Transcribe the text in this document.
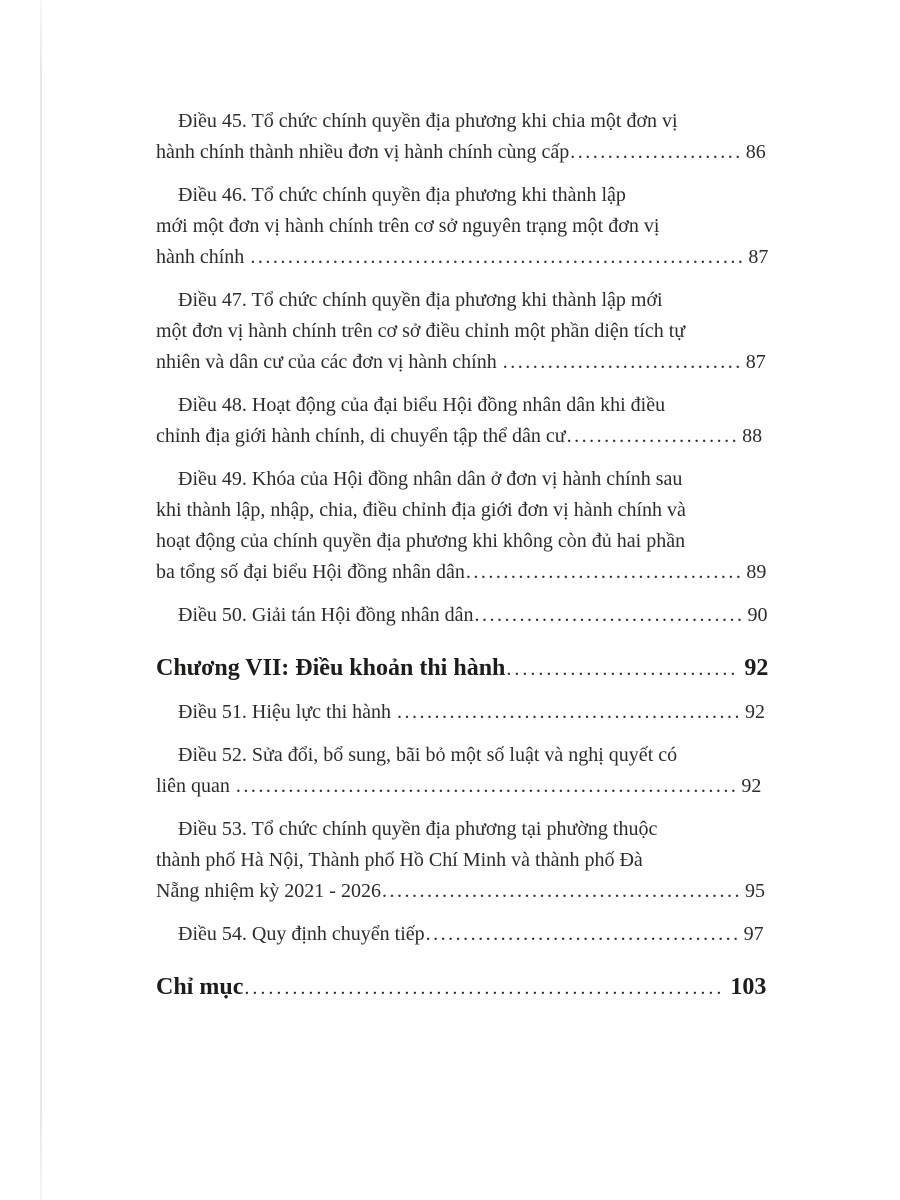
Điều 45. Tổ chức chính quyền địa phương khi chia một đơn vị
hành chính thành nhiều đơn vị hành chính cùng cấp....................... 86
Điều 46. Tổ chức chính quyền địa phương khi thành lập
mới một đơn vị hành chính trên cơ sở nguyên trạng một đơn vị
hành chính .................................................................. 87
Điều 47. Tổ chức chính quyền địa phương khi thành lập mới
một đơn vị hành chính trên cơ sở điều chỉnh một phần diện tích tự
nhiên và dân cư của các đơn vị hành chính ................................ 87
Điều 48. Hoạt động của đại biểu Hội đồng nhân dân khi điều
chỉnh địa giới hành chính, di chuyển tập thể dân cư....................... 88
Điều 49. Khóa của Hội đồng nhân dân ở đơn vị hành chính sau
khi thành lập, nhập, chia, điều chỉnh địa giới đơn vị hành chính và
hoạt động của chính quyền địa phương khi không còn đủ hai phần
ba tổng số đại biểu Hội đồng nhân dân..................................... 89
Điều 50. Giải tán Hội đồng nhân dân.................................... 90
Chương VII: Điều khoản thi hành............................. 92
Điều 51. Hiệu lực thi hành .............................................. 92
Điều 52. Sửa đổi, bổ sung, bãi bỏ một số luật và nghị quyết có
liên quan ................................................................... 92
Điều 53. Tổ chức chính quyền địa phương tại phường thuộc
thành phố Hà Nội, Thành phố Hồ Chí Minh và thành phố Đà
Nẵng nhiệm kỳ 2021 - 2026................................................ 95
Điều 54. Quy định chuyển tiếp.......................................... 97
Chỉ mục............................................................ 103
